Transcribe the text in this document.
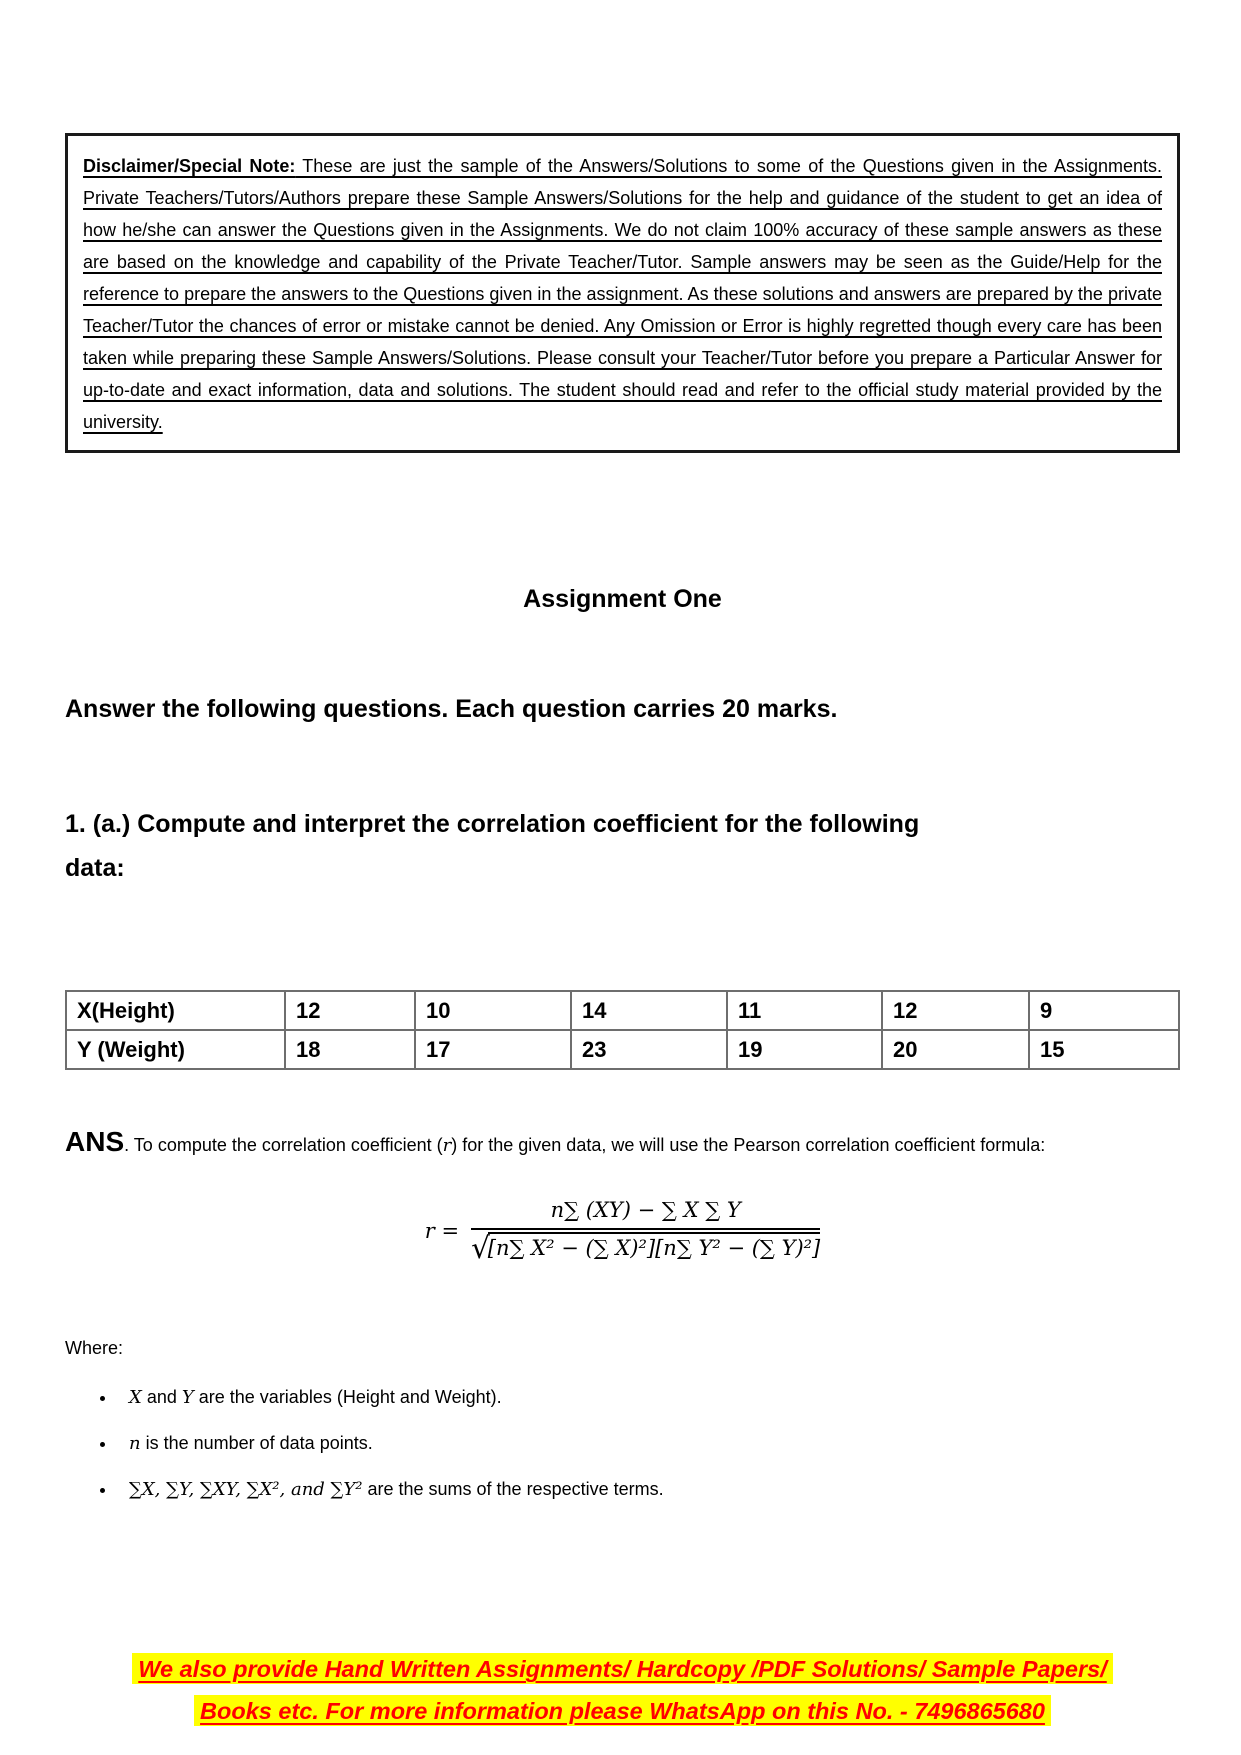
Disclaimer/Special Note: These are just the sample of the Answers/Solutions to some of the Questions given in the Assignments. Private Teachers/Tutors/Authors prepare these Sample Answers/Solutions for the help and guidance of the student to get an idea of how he/she can answer the Questions given in the Assignments. We do not claim 100% accuracy of these sample answers as these are based on the knowledge and capability of the Private Teacher/Tutor. Sample answers may be seen as the Guide/Help for the reference to prepare the answers to the Questions given in the assignment. As these solutions and answers are prepared by the private Teacher/Tutor the chances of error or mistake cannot be denied. Any Omission or Error is highly regretted though every care has been taken while preparing these Sample Answers/Solutions. Please consult your Teacher/Tutor before you prepare a Particular Answer for up-to-date and exact information, data and solutions. The student should read and refer to the official study material provided by the university.

Assignment One
Answer the following questions. Each question carries 20 marks.
1. (a.) Compute and interpret the correlation coefficient for the following
data:
X(Height)	12	10	14	11	12	9
Y (Weight)	18	17	23	19	20	15
ANS. To compute the correlation coefficient (r) for the given data, we will use the Pearson correlation coefficient formula:
$r = \frac{n\sum (XY) - \sum X \sum Y}{\text{√[n∑ X² − (∑ X)²][n∑ Y² − (∑ Y)²]}}$
Where:
• X and Y are the variables (Height and Weight).
• n is the number of data points.
• ∑X, ∑Y, ∑XY, ∑X², and ∑Y² are the sums of the respective terms.
We also provide Hand Written Assignments/ Hardcopy /PDF Solutions/ Sample Papers/
Books etc. For more information please WhatsApp on this No. - 7496865680
